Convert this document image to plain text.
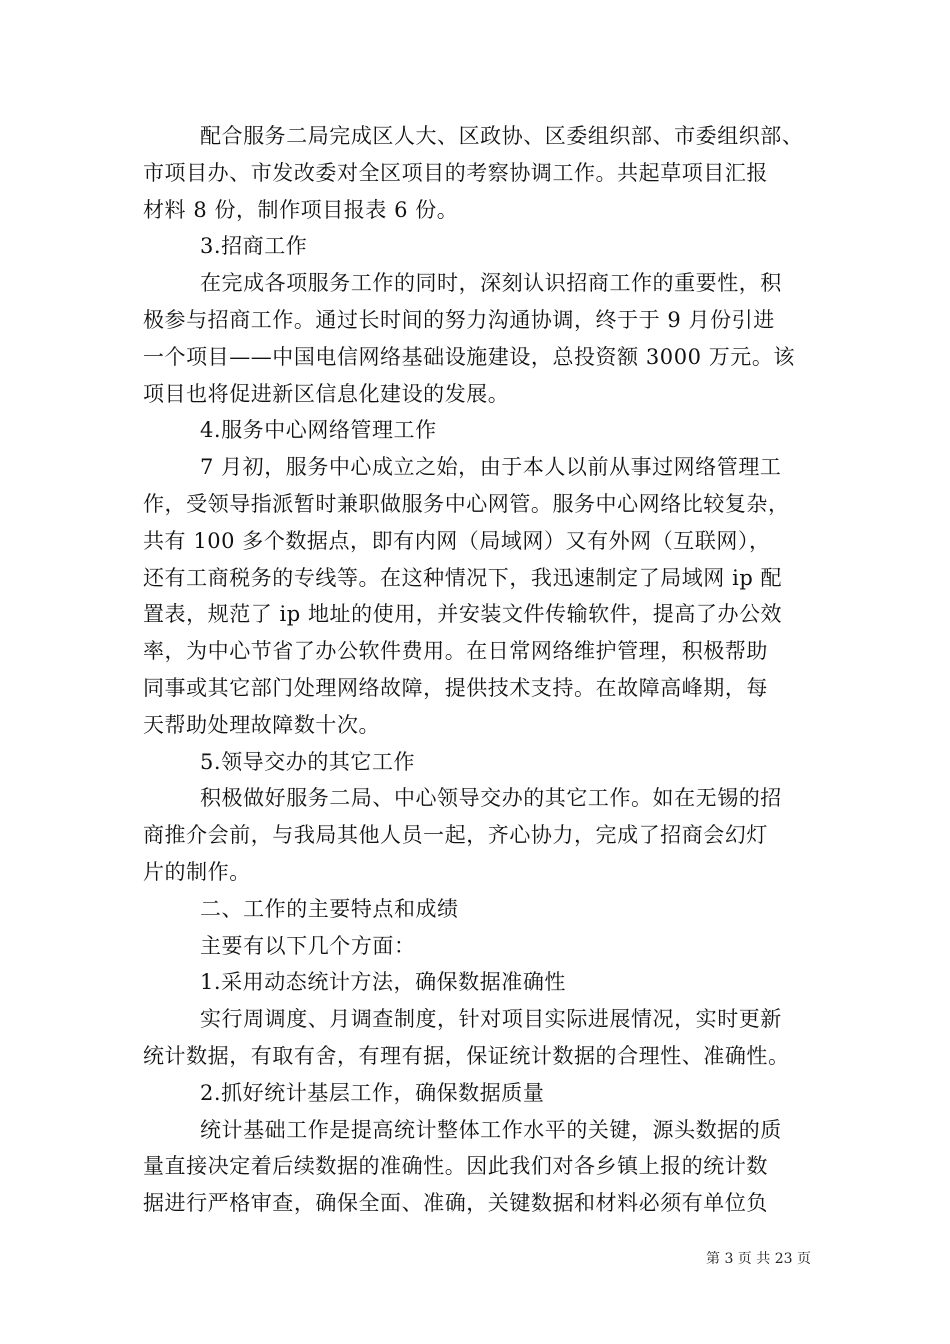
配合服务二局完成区人大、区政协、区委组织部、市委组织部、
市项目办、市发改委对全区项目的考察协调工作。共起草项目汇报
材料 8 份，制作项目报表 6 份。
3.招商工作
在完成各项服务工作的同时，深刻认识招商工作的重要性，积
极参与招商工作。通过长时间的努力沟通协调，终于于 9 月份引进
一个项目——中国电信网络基础设施建设，总投资额 3000 万元。该
项目也将促进新区信息化建设的发展。
4.服务中心网络管理工作
7 月初，服务中心成立之始，由于本人以前从事过网络管理工
作，受领导指派暂时兼职做服务中心网管。服务中心网络比较复杂，
共有 100 多个数据点，即有内网（局域网）又有外网（互联网），
还有工商税务的专线等。在这种情况下，我迅速制定了局域网 ip 配
置表，规范了 ip 地址的使用，并安装文件传输软件，提高了办公效
率，为中心节省了办公软件费用。在日常网络维护管理，积极帮助
同事或其它部门处理网络故障，提供技术支持。在故障高峰期，每
天帮助处理故障数十次。
5.领导交办的其它工作
积极做好服务二局、中心领导交办的其它工作。如在无锡的招
商推介会前，与我局其他人员一起，齐心协力，完成了招商会幻灯
片的制作。
二、工作的主要特点和成绩
主要有以下几个方面：
1.采用动态统计方法，确保数据准确性
实行周调度、月调查制度，针对项目实际进展情况，实时更新
统计数据，有取有舍，有理有据，保证统计数据的合理性、准确性。
2.抓好统计基层工作，确保数据质量
统计基础工作是提高统计整体工作水平的关键，源头数据的质
量直接决定着后续数据的准确性。因此我们对各乡镇上报的统计数
据进行严格审查，确保全面、准确，关键数据和材料必须有单位负
第 3 页 共 23 页
